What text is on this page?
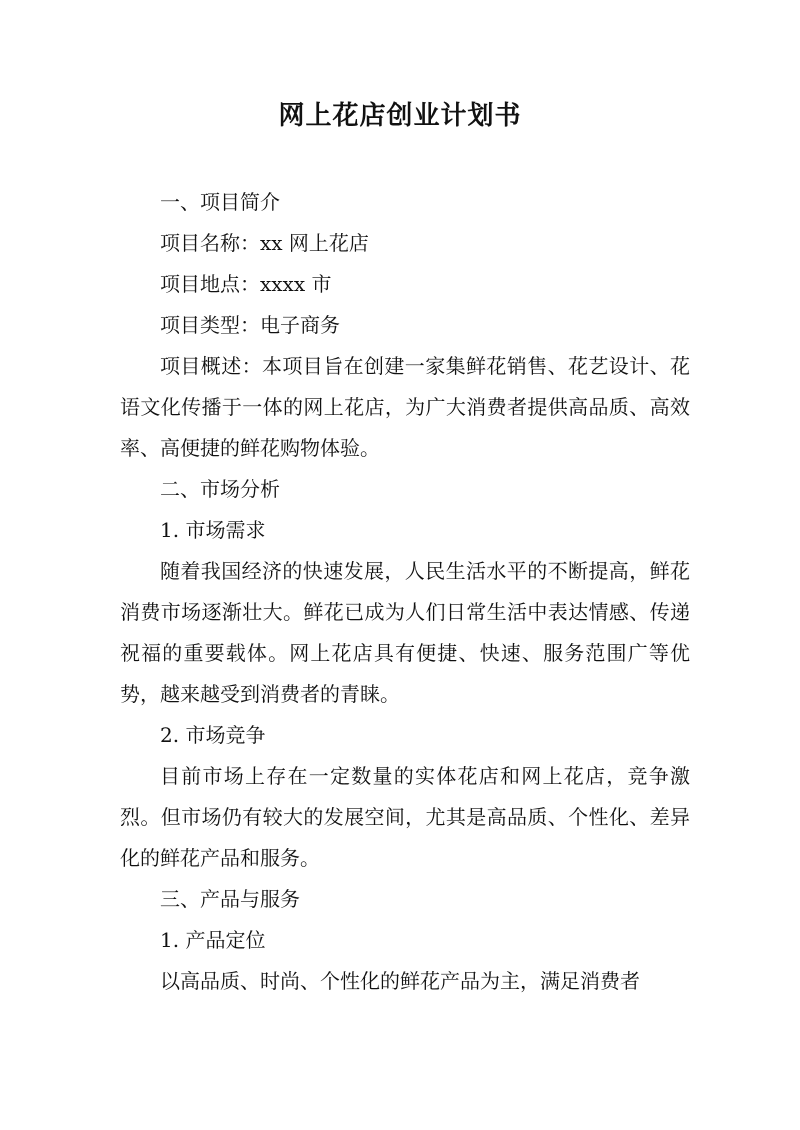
网上花店创业计划书

一、项目简介

项目名称：xx 网上花店

项目地点：xxxx 市

项目类型：电子商务

项目概述：本项目旨在创建一家集鲜花销售、花艺设计、花语文化传播于一体的网上花店，为广大消费者提供高品质、高效率、高便捷的鲜花购物体验。

二、市场分析

1. 市场需求

随着我国经济的快速发展，人民生活水平的不断提高，鲜花消费市场逐渐壮大。鲜花已成为人们日常生活中表达情感、传递祝福的重要载体。网上花店具有便捷、快速、服务范围广等优势，越来越受到消费者的青睐。

2. 市场竞争

目前市场上存在一定数量的实体花店和网上花店，竞争激烈。但市场仍有较大的发展空间，尤其是高品质、个性化、差异化的鲜花产品和服务。

三、产品与服务

1. 产品定位

以高品质、时尚、个性化的鲜花产品为主，满足消费者
